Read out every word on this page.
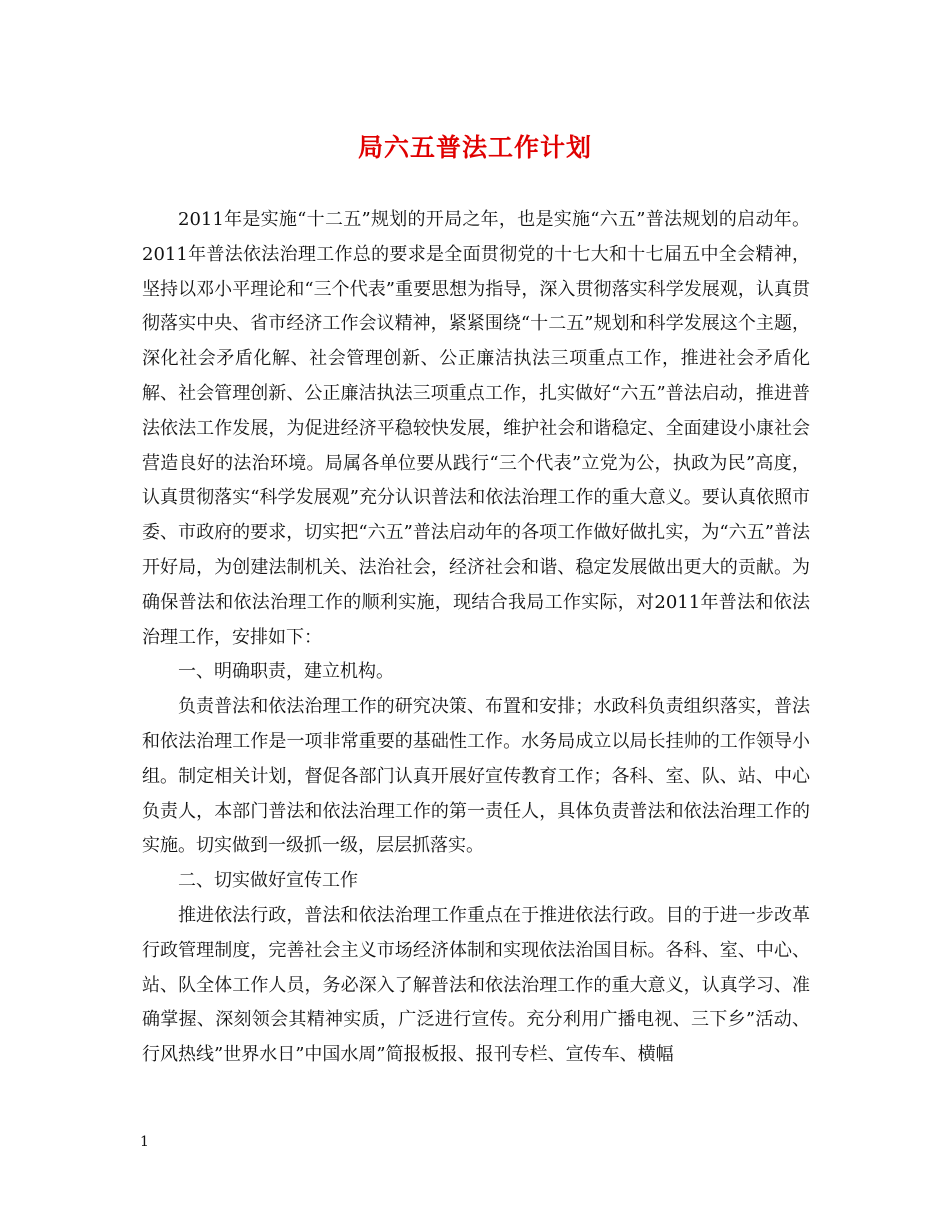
局六五普法工作计划

2011年是实施“十二五”规划的开局之年，也是实施“六五”普法规划的启动年。2011年普法依法治理工作总的要求是全面贯彻党的十七大和十七届五中全会精神，坚持以邓小平理论和“三个代表”重要思想为指导，深入贯彻落实科学发展观，认真贯彻落实中央、省市经济工作会议精神，紧紧围绕“十二五”规划和科学发展这个主题，深化社会矛盾化解、社会管理创新、公正廉洁执法三项重点工作，推进社会矛盾化解、社会管理创新、公正廉洁执法三项重点工作，扎实做好“六五”普法启动，推进普法依法工作发展，为促进经济平稳较快发展，维护社会和谐稳定、全面建设小康社会营造良好的法治环境。局属各单位要从践行“三个代表”立党为公，执政为民”高度，认真贯彻落实“科学发展观”充分认识普法和依法治理工作的重大意义。要认真依照市委、市政府的要求，切实把“六五”普法启动年的各项工作做好做扎实，为“六五”普法开好局，为创建法制机关、法治社会，经济社会和谐、稳定发展做出更大的贡献。为确保普法和依法治理工作的顺利实施，现结合我局工作实际，对2011年普法和依法治理工作，安排如下：

一、明确职责，建立机构。

负责普法和依法治理工作的研究决策、布置和安排；水政科负责组织落实，普法和依法治理工作是一项非常重要的基础性工作。水务局成立以局长挂帅的工作领导小组。制定相关计划，督促各部门认真开展好宣传教育工作；各科、室、队、站、中心负责人，本部门普法和依法治理工作的第一责任人，具体负责普法和依法治理工作的实施。切实做到一级抓一级，层层抓落实。

二、切实做好宣传工作

推进依法行政，普法和依法治理工作重点在于推进依法行政。目的于进一步改革行政管理制度，完善社会主义市场经济体制和实现依法治国目标。各科、室、中心、站、队全体工作人员，务必深入了解普法和依法治理工作的重大意义，认真学习、准确掌握、深刻领会其精神实质，广泛进行宣传。充分利用广播电视、三下乡”活动、行风热线”世界水日”中国水周”简报板报、报刊专栏、宣传车、横幅

1
